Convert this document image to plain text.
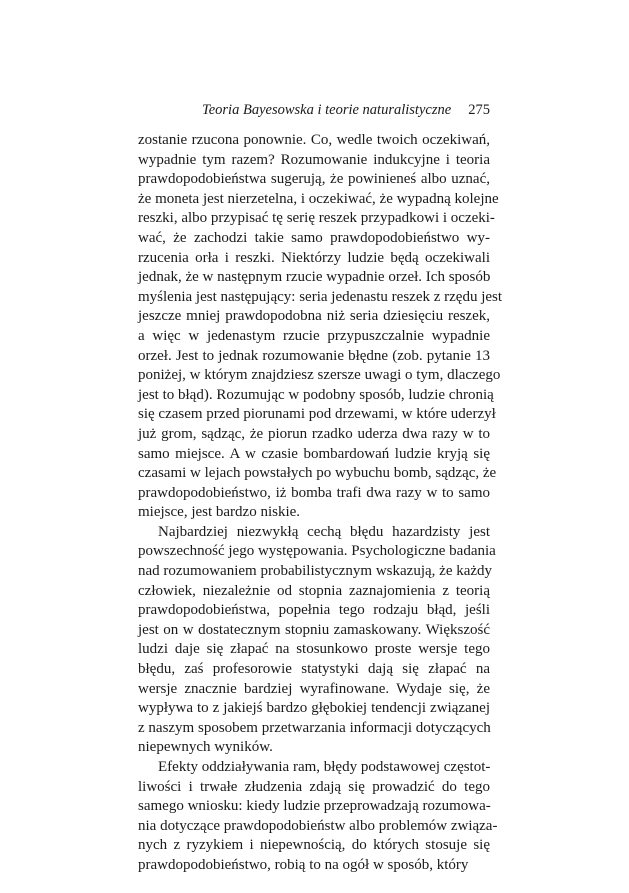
Teoria Bayesowska i teorie naturalistyczne 275
zostanie rzucona ponownie. Co, wedle twoich oczekiwań,
wypadnie tym razem? Rozumowanie indukcyjne i teoria
prawdopodobieństwa sugerują, że powinieneś albo uznać,
że moneta jest nierzetelna, i oczekiwać, że wypadną kolejne
reszki, albo przypisać tę serię reszek przypadkowi i oczeki-
wać, że zachodzi takie samo prawdopodobieństwo wy-
rzucenia orła i reszki. Niektórzy ludzie będą oczekiwali
jednak, że w następnym rzucie wypadnie orzeł. Ich sposób
myślenia jest następujący: seria jedenastu reszek z rzędu jest
jeszcze mniej prawdopodobna niż seria dziesięciu reszek,
a więc w jedenastym rzucie przypuszczalnie wypadnie
orzeł. Jest to jednak rozumowanie błędne (zob. pytanie 13
poniżej, w którym znajdziesz szersze uwagi o tym, dlaczego
jest to błąd). Rozumując w podobny sposób, ludzie chronią
się czasem przed piorunami pod drzewami, w które uderzył
już grom, sądząc, że piorun rzadko uderza dwa razy w to
samo miejsce. A w czasie bombardowań ludzie kryją się
czasami w lejach powstałych po wybuchu bomb, sądząc, że
prawdopodobieństwo, iż bomba trafi dwa razy w to samo
miejsce, jest bardzo niskie.
Najbardziej niezwykłą cechą błędu hazardzisty jest
powszechność jego występowania. Psychologiczne badania
nad rozumowaniem probabilistycznym wskazują, że każdy
człowiek, niezależnie od stopnia zaznajomienia z teorią
prawdopodobieństwa, popełnia tego rodzaju błąd, jeśli
jest on w dostatecznym stopniu zamaskowany. Większość
ludzi daje się złapać na stosunkowo proste wersje tego
błędu, zaś profesorowie statystyki dają się złapać na
wersje znacznie bardziej wyrafinowane. Wydaje się, że
wypływa to z jakiejś bardzo głębokiej tendencji związanej
z naszym sposobem przetwarzania informacji dotyczących
niepewnych wyników.
Efekty oddziaływania ram, błędy podstawowej częstot-
liwości i trwałe złudzenia zdają się prowadzić do tego
samego wniosku: kiedy ludzie przeprowadzają rozumowa-
nia dotyczące prawdopodobieństw albo problemów związa-
nych z ryzykiem i niepewnością, do których stosuje się
prawdopodobieństwo, robią to na ogół w sposób, który
